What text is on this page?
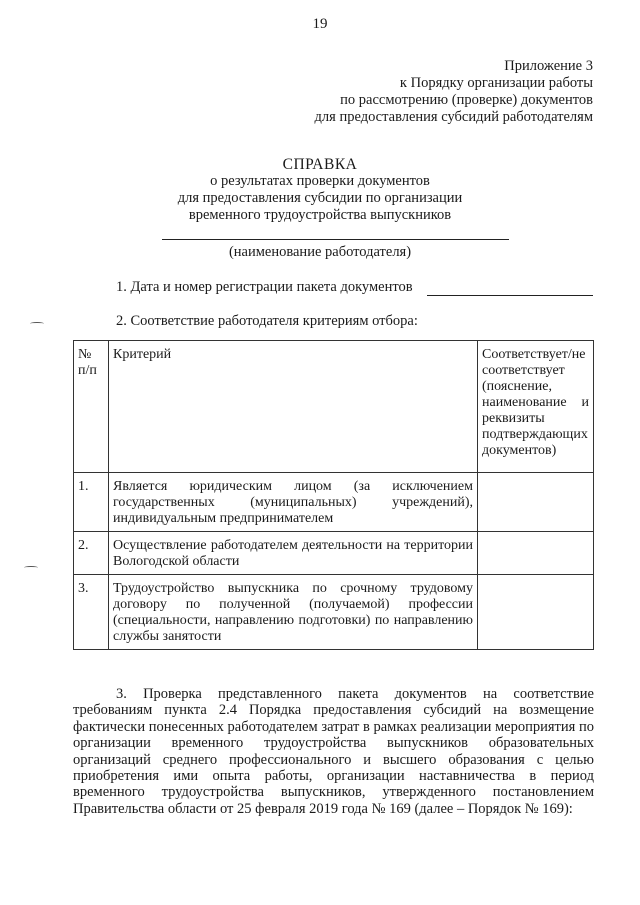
19
Приложение 3
к Порядку организации работы
по рассмотрению (проверке) документов
для предоставления субсидий работодателям
СПРАВКА
о результатах проверки документов
для предоставления субсидии по организации
временного трудоустройства выпускников
(наименование работодателя)
1. Дата и номер регистрации пакета документов
2. Соответствие работодателя критериям отбора:
№ п/п	Критерий	Соответствует/не соответствует (пояснение, наименование и реквизиты подтверждающих документов)
1.	Является юридическим лицом (за исключением государственных (муниципальных) учреждений), индивидуальным предпринимателем	
2.	Осуществление работодателем деятельности на территории Вологодской области	
3.	Трудоустройство выпускника по срочному трудовому договору по полученной (получаемой) профессии (специальности, направлению подготовки) по направлению службы занятости	
3. Проверка представленного пакета документов на соответствие требованиям пункта 2.4 Порядка предоставления субсидий на возмещение фактически понесенных работодателем затрат в рамках реализации мероприятия по организации временного трудоустройства выпускников образовательных организаций среднего профессионального и высшего образования с целью приобретения ими опыта работы, организации наставничества в период временного трудоустройства выпускников, утвержденного постановлением Правительства области от 25 февраля 2019 года № 169 (далее – Порядок № 169):
